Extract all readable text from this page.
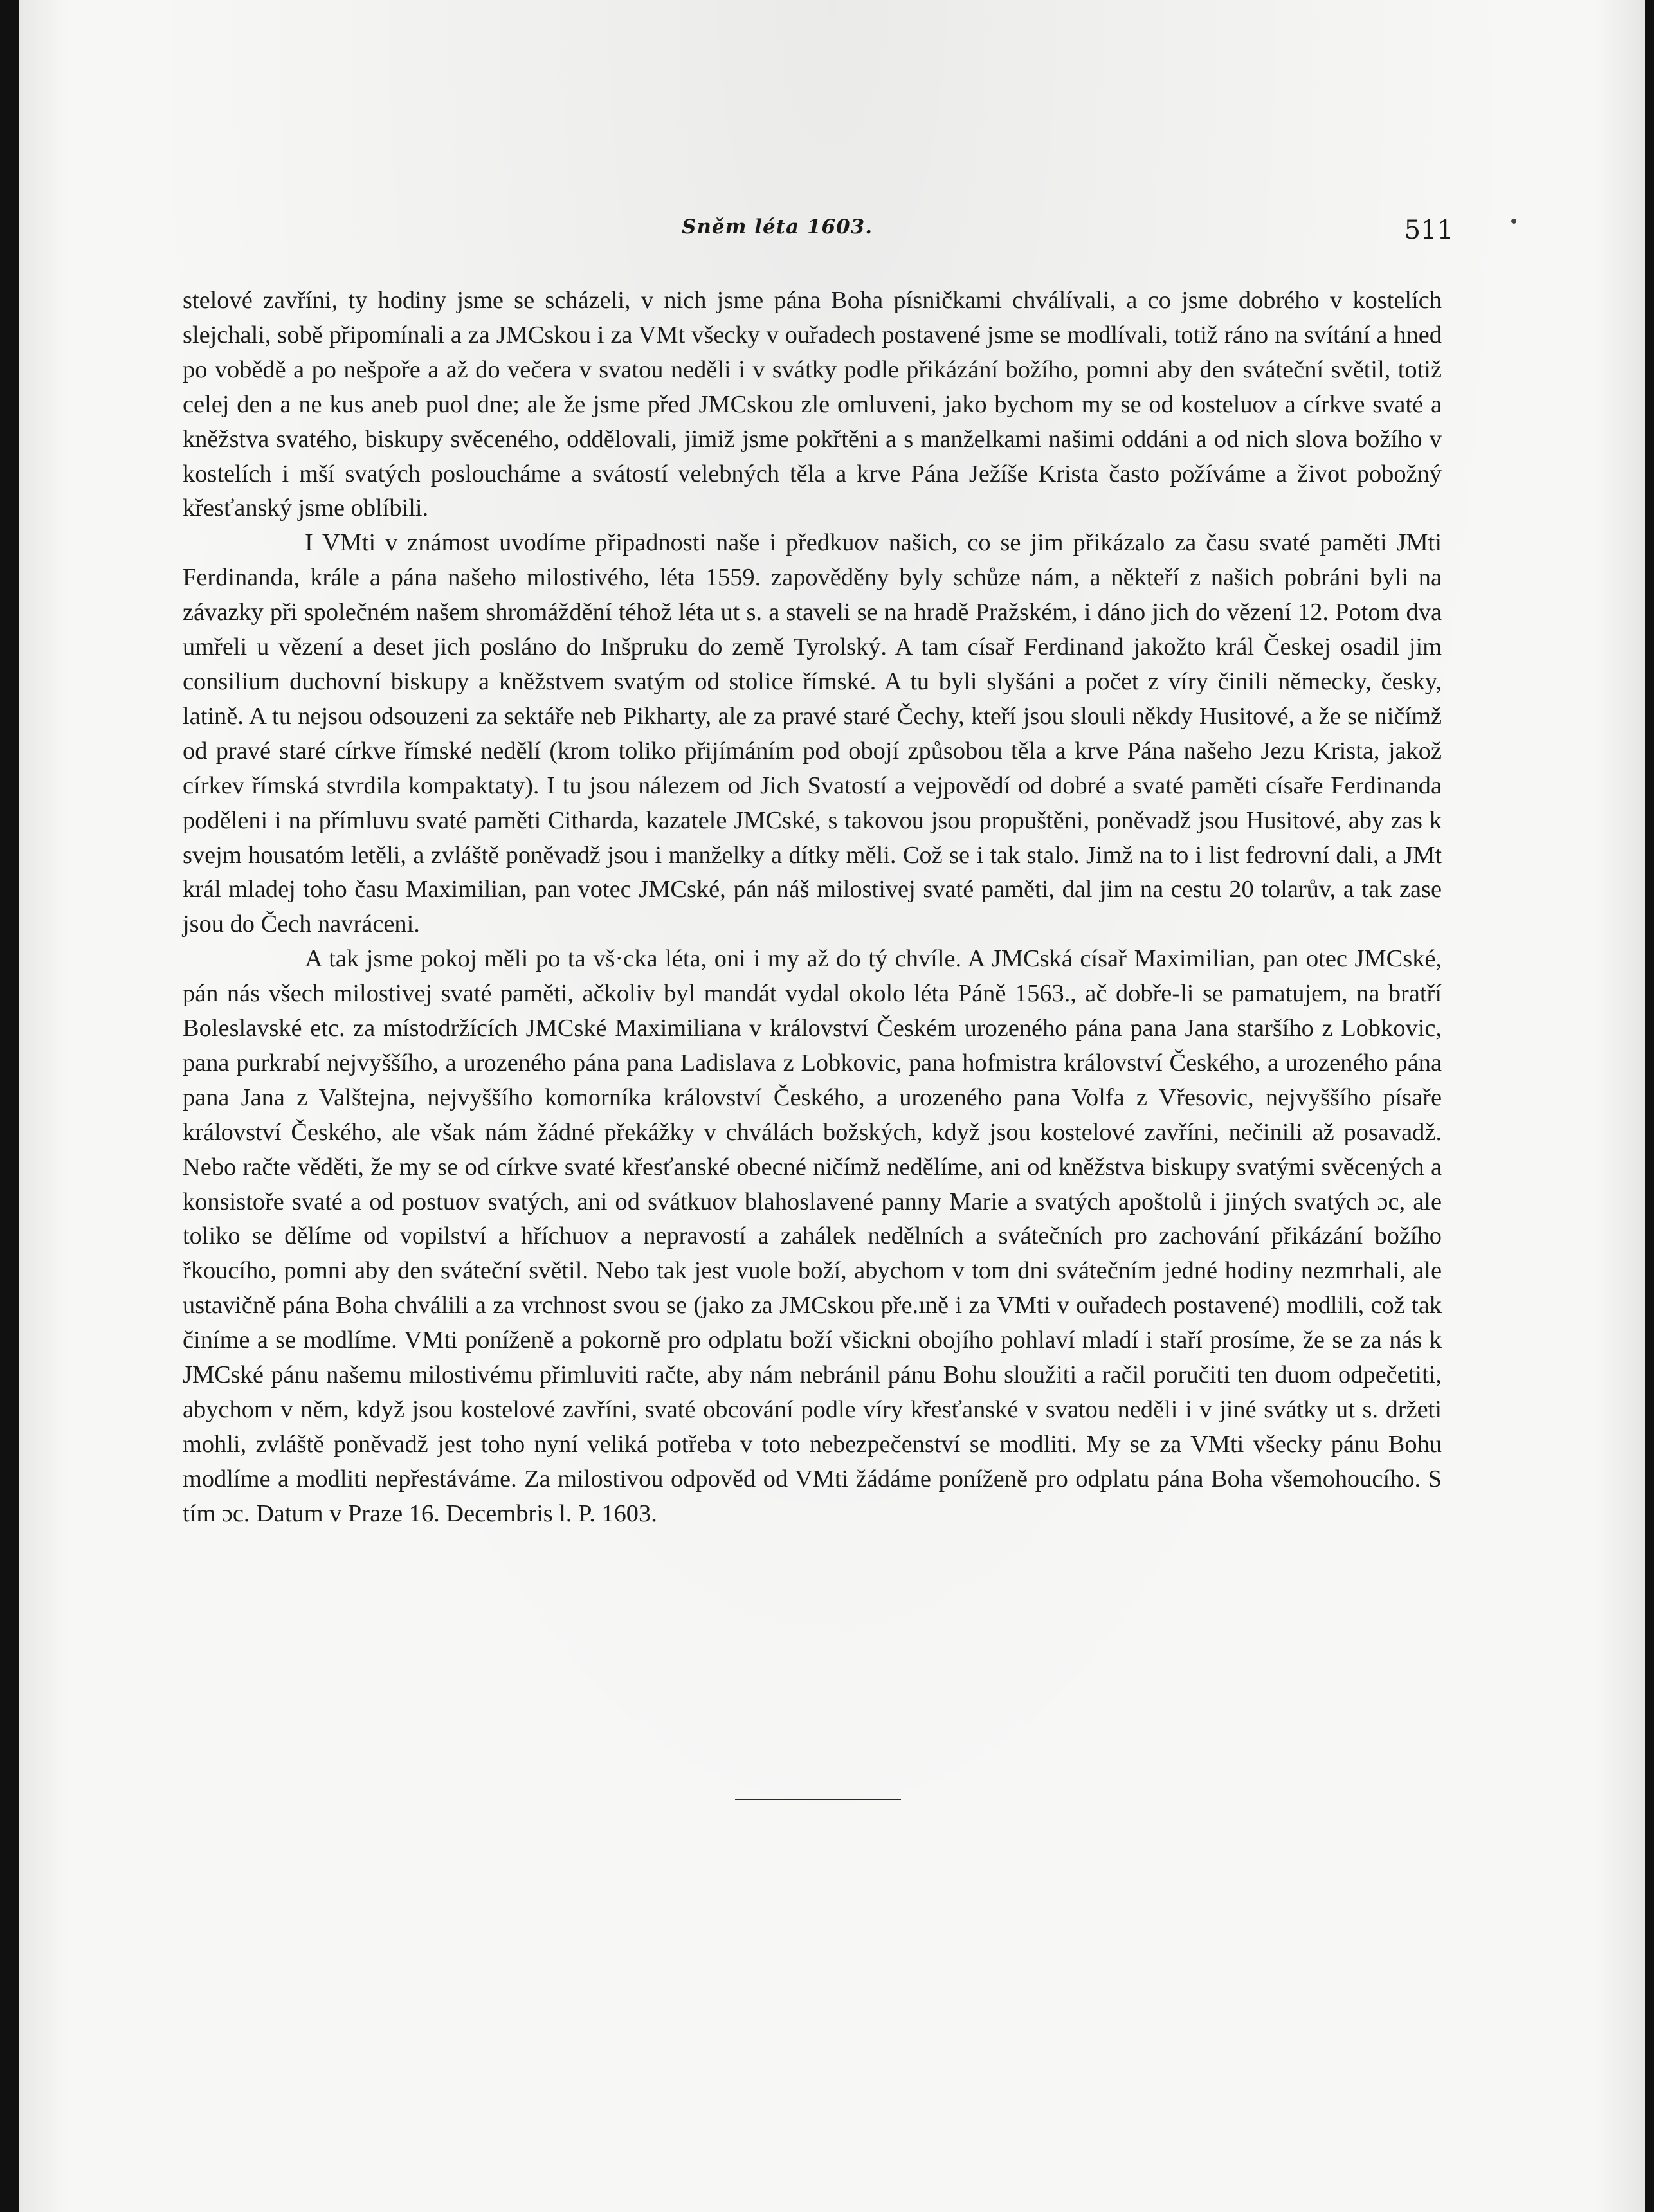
Sněm léta 1603.	511

stelové zavříni, ty hodiny jsme se scházeli, v nich jsme pána Boha písničkami chválívali, a co jsme dobrého v kostelích slejchali, sobě připomínali a za JMCskou i za VMt všecky v ouřadech postavené jsme se modlívali, totiž ráno na svítání a hned po vobědě a po nešpoře a až do večera v svatou neděli i v svátky podle přikázání božího, pomni aby den sváteční světil, totiž celej den a ne kus aneb puol dne; ale že jsme před JMCskou zle omluveni, jako bychom my se od kosteluov a církve svaté a kněžstva svatého, biskupy svěceného, oddělovali, jimiž jsme pokřtěni a s manželkami našimi oddáni a od nich slova božího v kostelích i mší svatých posloucháme a svátostí velebných těla a krve Pána Ježíše Krista často požíváme a život pobožný křesťanský jsme oblíbili.

I VMti v známost uvodíme připadnosti naše i předkuov našich, co se jim přikázalo za času svaté paměti JMti Ferdinanda, krále a pána našeho milostivého, léta 1559. zapověděny byly schůze nám, a někteří z našich pobráni byli na závazky při společném našem shromáždění téhož léta ut s. a staveli se na hradě Pražském, i dáno jich do vězení 12. Potom dva umřeli u vězení a deset jich posláno do Inšpruku do země Tyrolský. A tam císař Ferdinand jakožto král Českej osadil jim consilium duchovní biskupy a kněžstvem svatým od stolice římské. A tu byli slyšáni a počet z víry činili německy, česky, latině. A tu nejsou odsouzeni za sektáře neb Pikharty, ale za pravé staré Čechy, kteří jsou slouli někdy Husitové, a že se ničímž od pravé staré církve římské nedělí (krom toliko přijímáním pod obojí způsobou těla a krve Pána našeho Jezu Krista, jakož církev římská stvrdila kompaktaty). I tu jsou nálezem od Jich Svatostí a vejpovědí od dobré a svaté paměti císaře Ferdinanda poděleni i na přímluvu svaté paměti Citharda, kazatele JMCské, s takovou jsou propuštěni, poněvadž jsou Husitové, aby zas k svejm housatóm letěli, a zvláště poněvadž jsou i manželky a dítky měli. Což se i tak stalo. Jimž na to i list fedrovní dali, a JMt král mladej toho času Maximilian, pan votec JMCské, pán náš milostivej svaté paměti, dal jim na cestu 20 tolarův, a tak zase jsou do Čech navráceni.

A tak jsme pokoj měli po ta vš·cka léta, oni i my až do tý chvíle. A JMCská císař Maximilian, pan otec JMCské, pán nás všech milostivej svaté paměti, ačkoliv byl mandát vydal okolo léta Páně 1563., ač dobře-li se pamatujem, na bratří Boleslavské etc. za místodržících JMCské Maximiliana v království Českém urozeného pána pana Jana staršího z Lobkovic, pana purkrabí nejvyššího, a urozeného pána pana Ladislava z Lobkovic, pana hofmistra království Českého, a urozeného pána pana Jana z Valštejna, nejvyššího komorníka království Českého, a urozeného pana Volfa z Vřesovic, nejvyššího písaře království Českého, ale však nám žádné překážky v chválách božských, když jsou kostelové zavříni, nečinili až posavadž. Nebo račte věděti, že my se od církve svaté křesťanské obecné ničímž nedělíme, ani od kněžstva biskupy svatými svěcených a konsistoře svaté a od postuov svatých, ani od svátkuov blahoslavené panny Marie a svatých apoštolů i jiných svatých ɔc, ale toliko se dělíme od vopilství a hříchuov a nepravostí a zahálek nedělních a svátečních pro zachování přikázání božího řkoucího, pomni aby den sváteční světil. Nebo tak jest vuole boží, abychom v tom dni svátečním jedné hodiny nezmrhali, ale ustavičně pána Boha chválili a za vrchnost svou se (jako za JMCskou pře.ıně i za VMti v ouřadech postavené) modlili, což tak činíme a se modlíme. VMti poníženě a pokorně pro odplatu boží všickni obojího pohlaví mladí i staří prosíme, že se za nás k JMCské pánu našemu milostivému přimluviti račte, aby nám nebránil pánu Bohu sloužiti a račil poručiti ten duom odpečetiti, abychom v něm, když jsou kostelové zavříni, svaté obcování podle víry křesťanské v svatou neděli i v jiné svátky ut s. držeti mohli, zvláště poněvadž jest toho nyní veliká potřeba v toto nebezpečenství se modliti. My se za VMti všecky pánu Bohu modlíme a modliti nepřestáváme. Za milostivou odpověd od VMti žádáme poníženě pro odplatu pána Boha všemohoucího. S tím ɔc. Datum v Praze 16. Decembris l. P. 1603.
